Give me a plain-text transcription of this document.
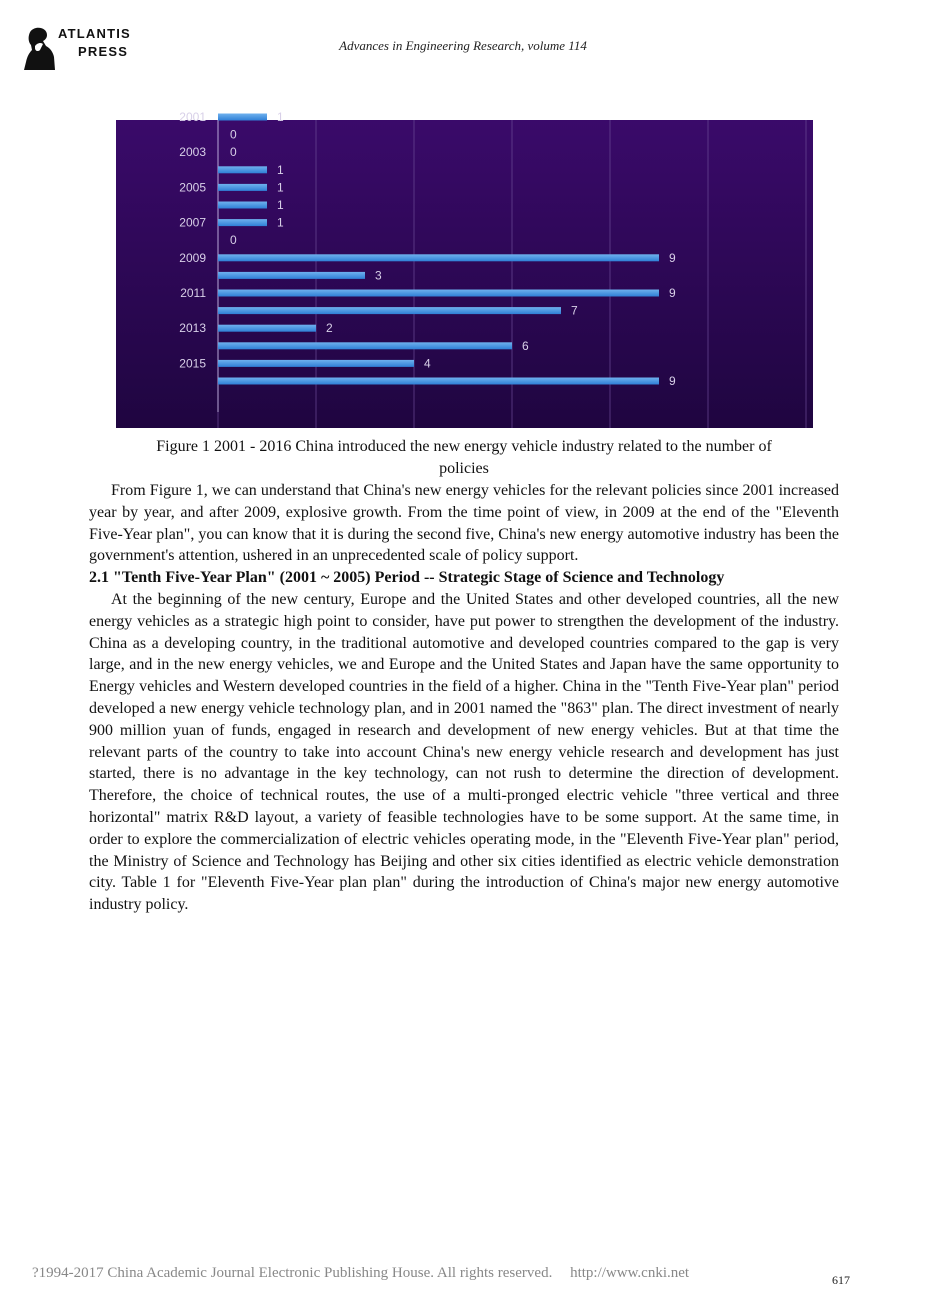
ATLANTIS
PRESS	Advances in Engineering Research, volume 114
1
2001
0
0
2003
1
1
2005
1
1
2007
0
9
2009
3
9
2011
7
2
2013
6
4
2015
9
Figure 1 2001 - 2016 China introduced the new energy vehicle industry related to the number of
policies

From Figure 1, we can understand that China's new energy vehicles for the relevant policies since 2001 increased year by year, and after 2009, explosive growth. From the time point of view, in 2009 at the end of the "Eleventh Five-Year plan", you can know that it is during the second five, China's new energy automotive industry has been the government's attention, ushered in an unprecedented scale of policy support.

2.1 "Tenth Five-Year Plan" (2001 ~ 2005) Period -- Strategic Stage of Science and Technology

At the beginning of the new century, Europe and the United States and other developed countries, all the new energy vehicles as a strategic high point to consider, have put power to strengthen the development of the industry. China as a developing country, in the traditional automotive and developed countries compared to the gap is very large, and in the new energy vehicles, we and Europe and the United States and Japan have the same opportunity to Energy vehicles and Western developed countries in the field of a higher. China in the "Tenth Five-Year plan" period developed a new energy vehicle technology plan, and in 2001 named the "863" plan. The direct investment of nearly 900 million yuan of funds, engaged in research and development of new energy vehicles. But at that time the relevant parts of the country to take into account China's new energy vehicle research and development has just started, there is no advantage in the key technology, can not rush to determine the direction of development. Therefore, the choice of technical routes, the use of a multi-pronged electric vehicle "three vertical and three horizontal" matrix R&D layout, a variety of feasible technologies have to be some support. At the same time, in order to explore the commercialization of electric vehicles operating mode, in the "Eleventh Five-Year plan" period, the Ministry of Science and Technology has Beijing and other six cities identified as electric vehicle demonstration city. Table 1 for "Eleventh Five-Year plan plan" during the introduction of China's major new energy automotive industry policy.

?1994-2017 China Academic Journal Electronic Publishing House. All rights reserved. http://www.cnki.net	617
